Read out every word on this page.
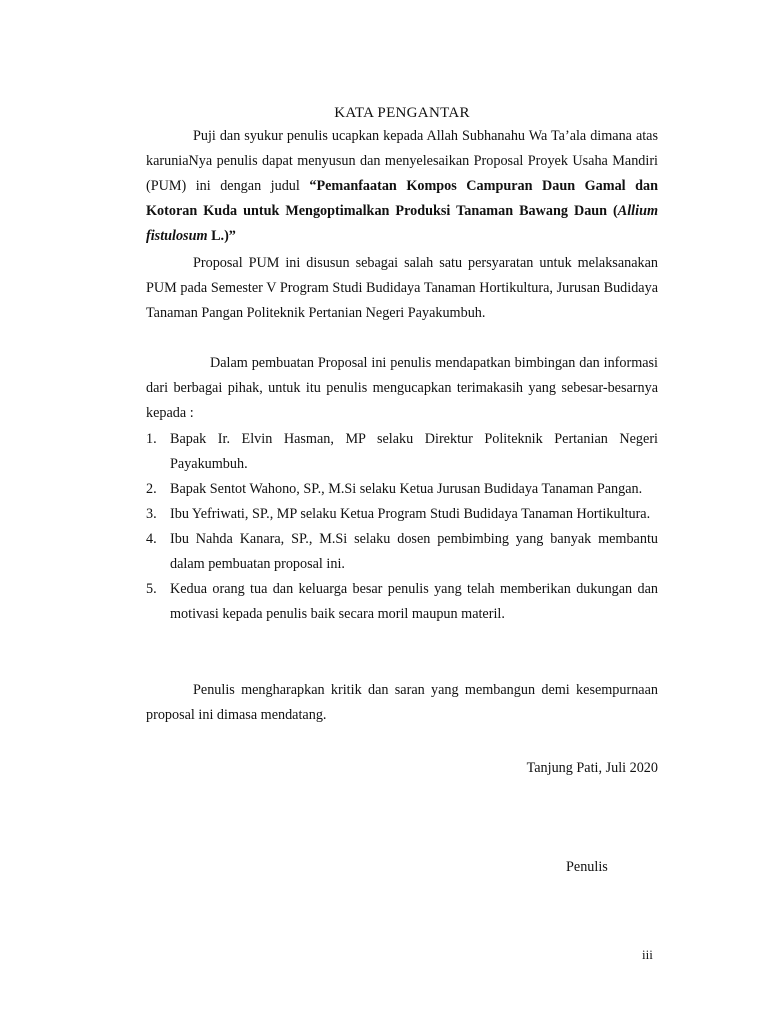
KATA PENGANTAR

Puji dan syukur penulis ucapkan kepada Allah Subhanahu Wa Ta’ala dimana atas karuniaNya penulis dapat menyusun dan menyelesaikan Proposal Proyek Usaha Mandiri (PUM) ini dengan judul “Pemanfaatan Kompos Campuran Daun Gamal dan Kotoran Kuda untuk Mengoptimalkan Produksi Tanaman Bawang Daun (Allium fistulosum L.)”

Proposal PUM ini disusun sebagai salah satu persyaratan untuk melaksanakan PUM pada Semester V Program Studi Budidaya Tanaman Hortikultura, Jurusan Budidaya Tanaman Pangan Politeknik Pertanian Negeri Payakumbuh.

Dalam pembuatan Proposal ini penulis mendapatkan bimbingan dan informasi dari berbagai pihak, untuk itu penulis mengucapkan terimakasih yang sebesar-besarnya kepada :

1. Bapak Ir. Elvin Hasman, MP selaku Direktur Politeknik Pertanian Negeri Payakumbuh.
2. Bapak Sentot Wahono, SP., M.Si selaku Ketua Jurusan Budidaya Tanaman Pangan.
3. Ibu Yefriwati, SP., MP selaku Ketua Program Studi Budidaya Tanaman Hortikultura.
4. Ibu Nahda Kanara, SP., M.Si selaku dosen pembimbing yang banyak membantu dalam pembuatan proposal ini.
5. Kedua orang tua dan keluarga besar penulis yang telah memberikan dukungan dan motivasi kepada penulis baik secara moril maupun materil.

Penulis mengharapkan kritik dan saran yang membangun demi kesempurnaan proposal ini dimasa mendatang.

Tanjung Pati, Juli 2020
Penulis
iii
